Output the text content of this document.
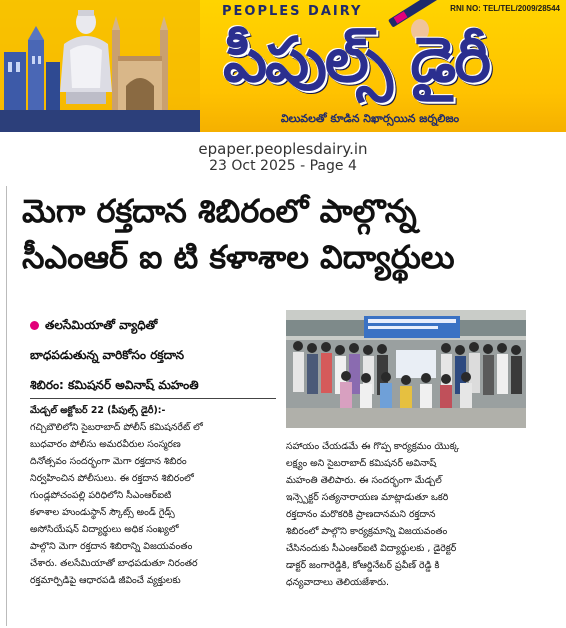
PEOPLES DAIRY	RNI NO: TEL/TEL/2009/28544
పీపుల్స్ డైరీ
విలువలతో కూడిన నిఖార్సయిన జర్నలిజం
epaper.peoplesdairy.in
23 Oct 2025 - Page 4
మెగా రక్తదాన శిబిరంలో పాల్గొన్న
సీఎంఆర్ ఐ టి కళాశాల విద్యార్థులు
తలసేమియాతో వ్యాధితో
బాధపడుతున్న వారికోసం రక్తదాన
శిబిరం: కమిషనర్ అవినాష్ మహంతి
మేడ్చల్ అక్టోబర్ 22 (పీపుల్స్ డైరీ):-
గచ్చిబౌలిలోని సైబరాబాద్ పోలీస్ కమిషనరేట్ లో
బుధవారం పోలీసు అమరవీరుల సంస్మరణ
దినోత్సవం సందర్భంగా మెగా రక్తదాన శిబిరం
నిర్వహించిన పోలీసులు. ఈ రక్తదాన శిబిరంలో
గుండ్లపోచంపల్లి పరిధిలోని సీఎంఆర్ఐటి
కళాశాల హుండుస్థాన్ స్కౌట్స్ అండ్ గైడ్స్
అసోసియేషన్ విద్యార్థులు అధిక సంఖ్యలో
పాల్గొని మెగా రక్తదాన శిబిరాన్ని విజయవంతం
చేశారు. తలసేమియాతో బాధపడుతూ నిరంతర
రక్తమార్పిడిపై ఆధారపడి జీవించే వ్యక్తులకు
సహాయం చేయడమే ఈ గొప్ప కార్యక్రమం యొక్క
లక్ష్యం అని సైబరాబాద్ కమిషనర్ అవినాష్
మహంతి తెలిపారు. ఈ సందర్భంగా మేడ్చల్
ఇన్స్పెక్టర్ సత్యనారాయణ మాట్లాడుతూ ఒకరి
రక్తదానం మరొకరికి ప్రాణదానమని రక్తదాన
శిబిరంలో పాల్గొని కార్యక్రమాన్ని విజయవంతం
చేసినందుకు సీఎంఆర్ఐటి విద్యార్థులకు , డైరెక్టర్
డాక్టర్ జంగారెడ్డికి, కోఆర్డినేటర్ ప్రవీణ్ రెడ్డి కి
ధన్యవాదాలు తెలియజేశారు.
